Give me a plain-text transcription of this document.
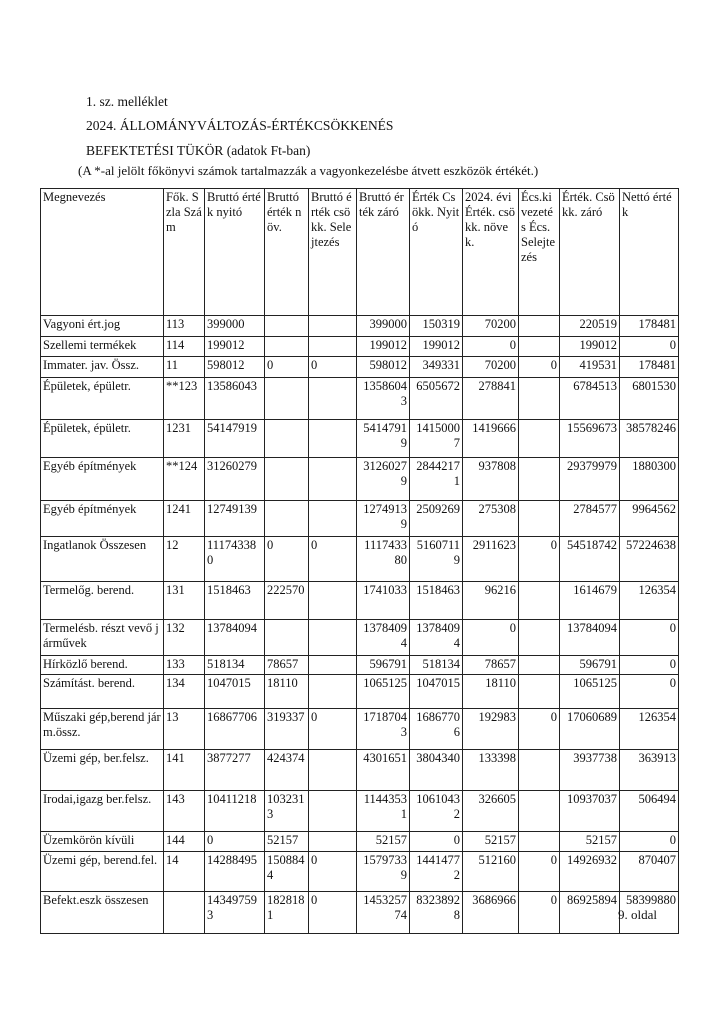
1. sz. melléklet
2024. ÁLLOMÁNYVÁLTOZÁS-ÉRTÉKCSÖKKENÉS
BEFEKTETÉSI TÜKÖR (adatok Ft-ban)
(A *-al jelölt főkönyvi számok tartalmazzák a vagyonkezelésbe átvett eszközök értékét.)
Megnevezés	Fők. Szla Szám	Bruttó érték nyitó	Bruttó érték növ.	Bruttó érték csökk. Selejtezés	Bruttó érték záró	Érték Csökk. Nyitó	2024. évi Érték. csökk. növek.	Écs.kivezetés Écs. Selejtezés	Érték. Csökk. záró	Nettó érték
Vagyoni ért.jog	113	399000			399000	150319	70200		220519	178481
Szellemi termékek	114	199012			199012	199012	0		199012	0
Immater. jav. Össz.	11	598012	0	0	598012	349331	70200	0	419531	178481
Épületek, épületr.	**123	13586043			13586043	6505672	278841		6784513	6801530
Épületek, épületr.	1231	54147919			54147919	14150007	1419666		15569673	38578246
Egyéb építmények	**124	31260279			31260279	28442171	937808		29379979	1880300
Egyéb építmények	1241	12749139			12749139	2509269	275308		2784577	9964562
Ingatlanok Összesen	12	111743380	0	0	111743380	51607119	2911623	0	54518742	57224638
Termelőg. berend.	131	1518463	222570		1741033	1518463	96216		1614679	126354
Termelésb. részt vevő járművek	132	13784094			13784094	13784094	0		13784094	0
Hírközlő berend.	133	518134	78657		596791	518134	78657		596791	0
Számítást. berend.	134	1047015	18110		1065125	1047015	18110		1065125	0
Műszaki gép,berend járm.össz.	13	16867706	319337	0	17187043	16867706	192983	0	17060689	126354
Üzemi gép, ber.felsz.	141	3877277	424374		4301651	3804340	133398		3937738	363913
Irodai,igazg ber.felsz.	143	10411218	1032313		11443531	10610432	326605		10937037	506494
Üzemkörön kívüli	144	0	52157		52157	0	52157		52157	0
Üzemi gép, berend.fel.	14	14288495	1508844	0	15797339	14414772	512160	0	14926932	870407
Befekt.eszk összesen		143497593	1828181	0	145325774	83238928	3686966	0	86925894	58399880
9. oldal
